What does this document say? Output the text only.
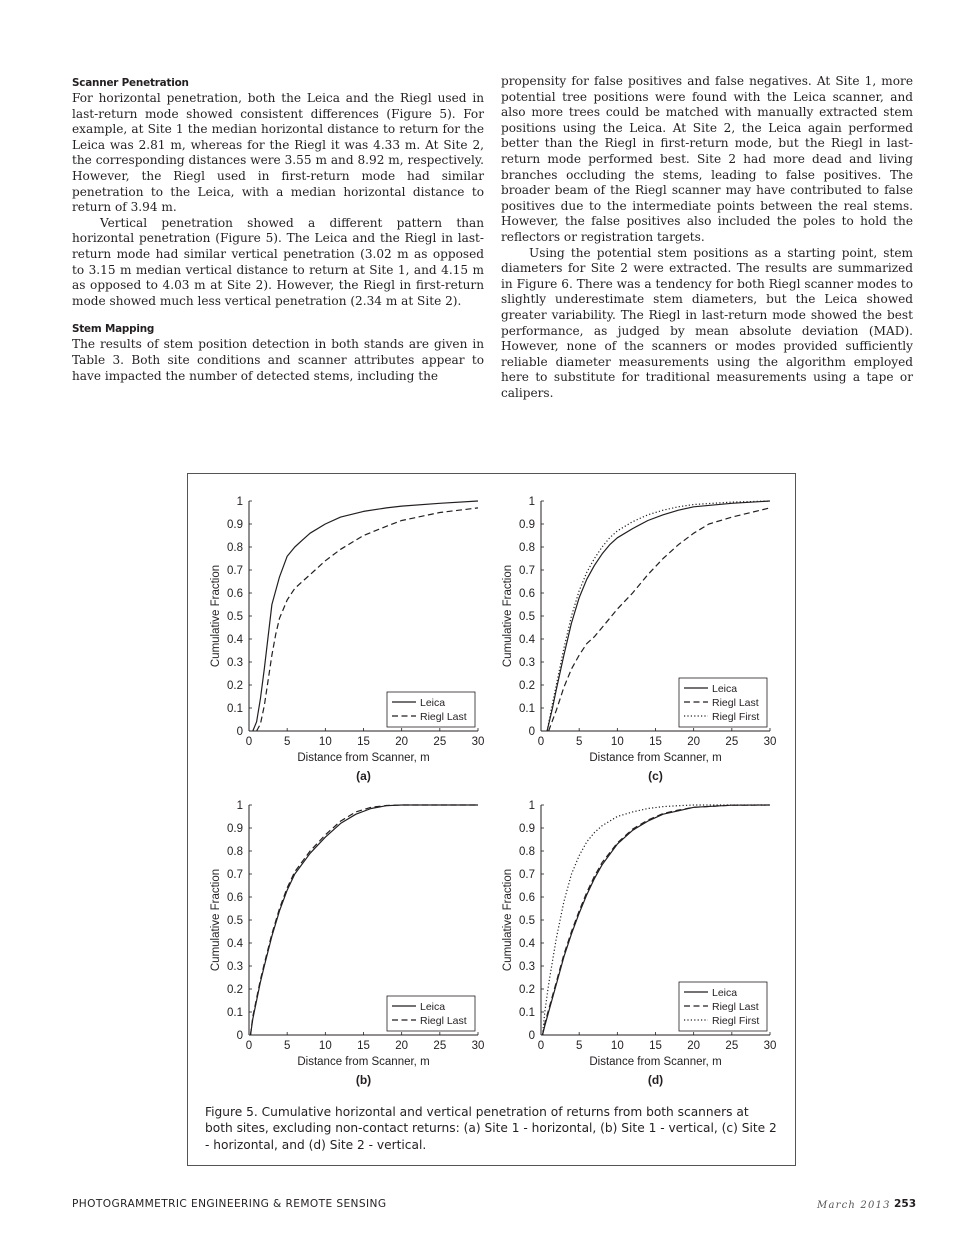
Scanner Penetration

For horizontal penetration, both the Leica and the Riegl used in last-return mode showed consistent differences (Figure 5). For example, at Site 1 the median horizontal distance to return for the Leica was 2.81 m, whereas for the Riegl it was 4.33 m. At Site 2, the corresponding distances were 3.55 m and 8.92 m, respectively. However, the Riegl used in first-return mode had similar penetration to the Leica, with a median horizontal distance to return of 3.94 m.

Vertical penetration showed a different pattern than horizontal penetration (Figure 5). The Leica and the Riegl in last-return mode had similar vertical penetration (3.02 m as opposed to 3.15 m median vertical distance to return at Site 1, and 4.15 m as opposed to 4.03 m at Site 2). However, the Riegl in first-return mode showed much less vertical penetration (2.34 m at Site 2).

Stem Mapping

The results of stem position detection in both stands are given in Table 3. Both site conditions and scanner attributes appear to have impacted the number of detected stems, including the

propensity for false positives and false negatives. At Site 1, more potential tree positions were found with the Leica scanner, and also more trees could be matched with manually extracted stem positions using the Leica. At Site 2, the Leica again performed better than the Riegl in first-return mode, but the Riegl in last-return mode performed best. Site 2 had more dead and living branches occluding the stems, leading to false positives. The broader beam of the Riegl scanner may have contributed to false positives due to the intermediate points between the real stems. However, the false positives also included the poles to hold the reflectors or registration targets.

Using the potential stem positions as a starting point, stem diameters for Site 2 were extracted. The results are summarized in Figure 6. There was a tendency for both Riegl scanner modes to slightly underestimate stem diameters, but the Leica showed greater variability. The Riegl in last-return mode showed the best performance, as judged by mean absolute deviation (MAD). However, none of the scanners or modes provided sufficiently reliable diameter measurements using the algorithm employed here to substitute for traditional measurements using a tape or calipers.

0
0.1
0.2
0.3
0.4
0.5
0.6
0.7
0.8
0.9
1
0	5 10 15 20 25 30
Distance from Scanner, m
Cumulative Fraction
(a)
Leica
Riegl Last
0
0.1
0.2
0.3
0.4
0.5
0.6
0.7
0.8
0.9
1
0	5 10 15 20 25 30
Distance from Scanner, m
Cumulative Fraction
(b)
Leica
Riegl Last
0
0.1
0.2
0.3
0.4
0.5
0.6
0.7
0.8
0.9
1
0	5 10 15 20 25 30
Distance from Scanner, m
Cumulative Fraction
(c)
Leica
Riegl Last
Riegl First
0
0.1
0.2
0.3
0.4
0.5
0.6
0.7
0.8
0.9
1
0	5 10 15 20 25 30
Distance from Scanner, m
Cumulative Fraction
(d)
Leica
Riegl Last
Riegl First
Figure 5. Cumulative horizontal and vertical penetration of returns from both scanners at both sites, excluding non-contact returns: (a) Site 1 - horizontal, (b) Site 1 - vertical, (c) Site 2 - horizontal, and (d) Site 2 - vertical.
PHOTOGRAMMETRIC ENGINEERING & REMOTE SENSING	March 2013 253
